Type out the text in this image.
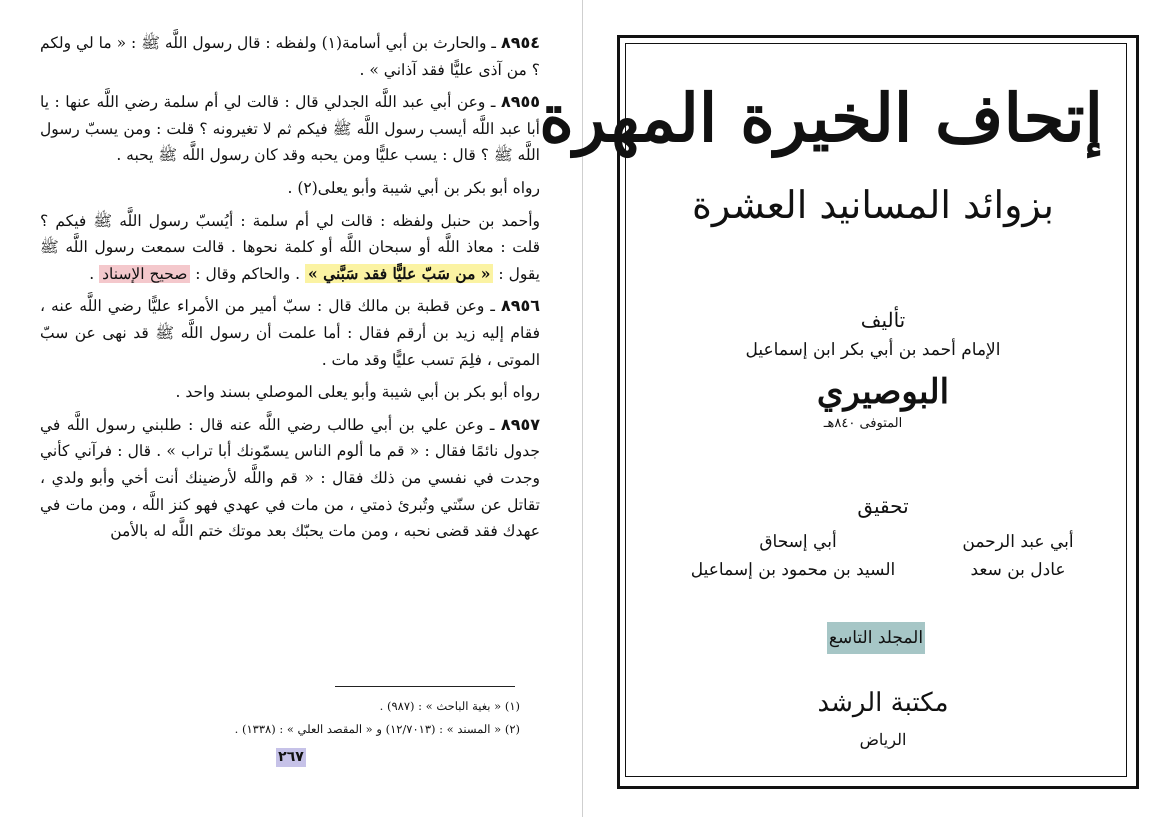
٨٩٥٤ ـ والحارث بن أبي أسامة(١) ولفظه : قال رسول اللَّه ﷺ : « ما لي ولكم ؟ من آذى عليًّا فقد آذاني » .

٨٩٥٥ ـ وعن أبي عبد اللَّه الجدلي قال : قالت لي أم سلمة رضي اللَّه عنها : يا أبا عبد اللَّه أيسب رسول اللَّه ﷺ فيكم ثم لا تغيرونه ؟ قلت : ومن يسبّ رسول اللَّه ﷺ ؟ قال : يسب عليًّا ومن يحبه وقد كان رسول اللَّه ﷺ يحبه .

رواه أبو بكر بن أبي شيبة وأبو يعلى(٢) .

وأحمد بن حنبل ولفظه : قالت لي أم سلمة : أيُسبّ رسول اللَّه ﷺ فيكم ؟ قلت : معاذ اللَّه أو سبحان اللَّه أو كلمة نحوها . قالت سمعت رسول اللَّه ﷺ يقول : « من سَبّ عليًّا فقد سَبَّني » . والحاكم وقال : صحيح الإسناد .

٨٩٥٦ ـ وعن قطبة بن مالك قال : سبّ أمير من الأمراء عليًّا رضي اللَّه عنه ، فقام إليه زيد بن أرقم فقال : أما علمت أن رسول اللَّه ﷺ قد نهى عن سبّ الموتى ، فلِمَ تسب عليًّا وقد مات .

رواه أبو بكر بن أبي شيبة وأبو يعلى الموصلي بسند واحد .

٨٩٥٧ ـ وعن علي بن أبي طالب رضي اللَّه عنه قال : طلبني رسول اللَّه في جدول نائمًا فقال : « قم ما ألوم الناس يسمّونك أبا تراب » . قال : فرآني كأني وجدت في نفسي من ذلك فقال : « قم واللَّه لأرضينك أنت أخي وأبو ولدي ، تقاتل عن سنّتي وتُبرئ ذمتي ، من مات في عهدي فهو كنز اللَّه ، ومن مات في عهدك فقد قضى نحبه ، ومن مات يحبّك بعد موتك ختم اللَّه له بالأمن

(١) « بغية الباحث » : (٩٨٧) .
(٢) « المسند » : (١٢/٧٠١٣) و « المقصد العلي » : (١٣٣٨) .
٢٦٧
إتحاف الخيرة المهرة
بزوائد المسانيد العشرة
تأليف
الإمام أحمد بن أبي بكر ابن إسماعيل
البوصيري
المتوفى ٨٤٠هـ
تحقيق
أبي عبد الرحمن
عادل بن سعد
أبي إسحاق
السيد بن محمود بن إسماعيل
المجلد التاسع
مكتبة الرشد
الرياض
